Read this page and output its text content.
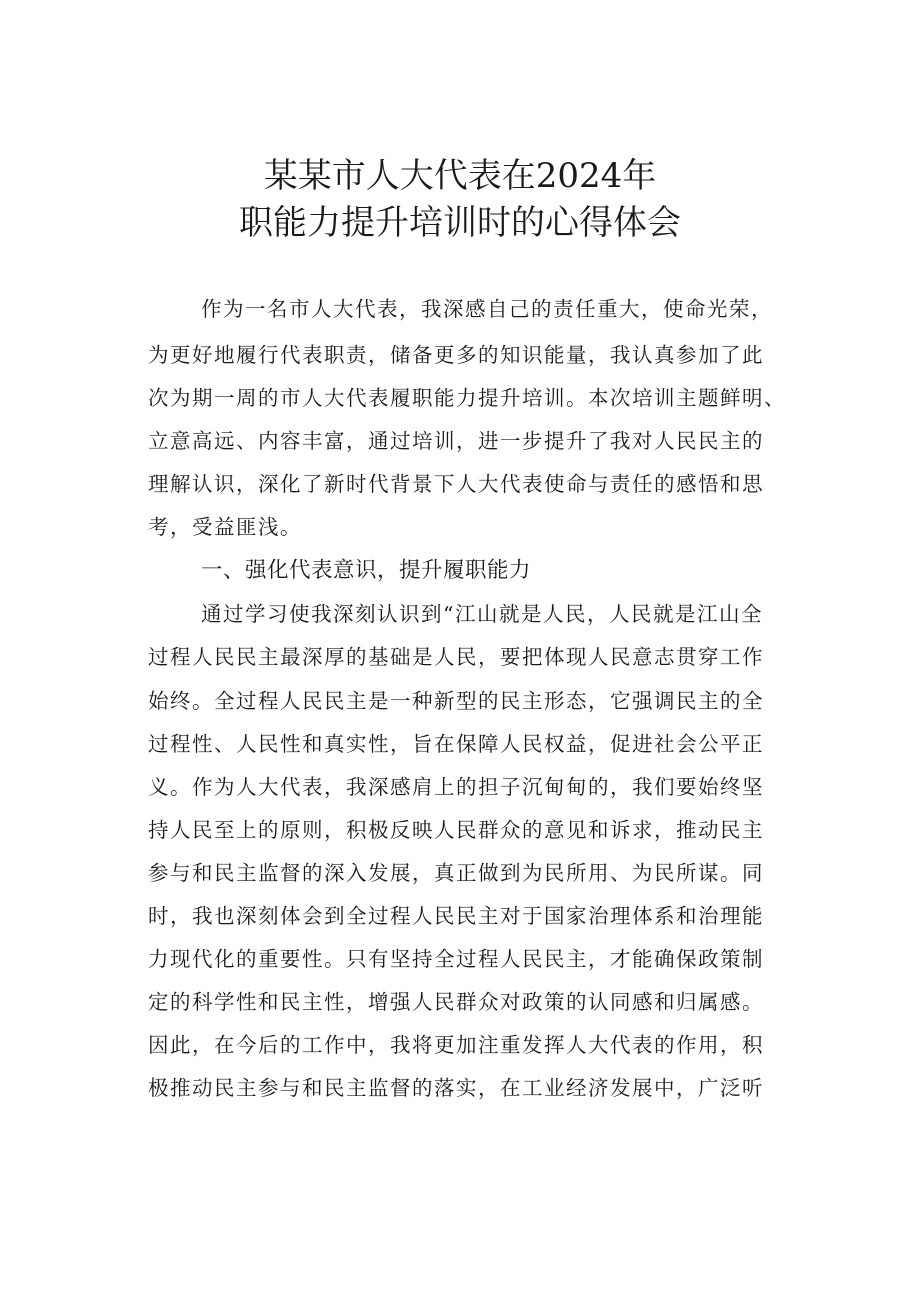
某某市人大代表在2024年
职能力提升培训时的心得体会
作为一名市人大代表，我深感自己的责任重大，使命光荣，
为更好地履行代表职责，储备更多的知识能量，我认真参加了此
次为期一周的市人大代表履职能力提升培训。本次培训主题鲜明、
立意高远、内容丰富，通过培训，进一步提升了我对人民民主的
理解认识，深化了新时代背景下人大代表使命与责任的感悟和思
考，受益匪浅。
一、强化代表意识，提升履职能力
通过学习使我深刻认识到“江山就是人民，人民就是江山全
过程人民民主最深厚的基础是人民，要把体现人民意志贯穿工作
始终。全过程人民民主是一种新型的民主形态，它强调民主的全
过程性、人民性和真实性，旨在保障人民权益，促进社会公平正
义。作为人大代表，我深感肩上的担子沉甸甸的，我们要始终坚
持人民至上的原则，积极反映人民群众的意见和诉求，推动民主
参与和民主监督的深入发展，真正做到为民所用、为民所谋。同
时，我也深刻体会到全过程人民民主对于国家治理体系和治理能
力现代化的重要性。只有坚持全过程人民民主，才能确保政策制
定的科学性和民主性，增强人民群众对政策的认同感和归属感。
因此，在今后的工作中，我将更加注重发挥人大代表的作用，积
极推动民主参与和民主监督的落实，在工业经济发展中，广泛听
